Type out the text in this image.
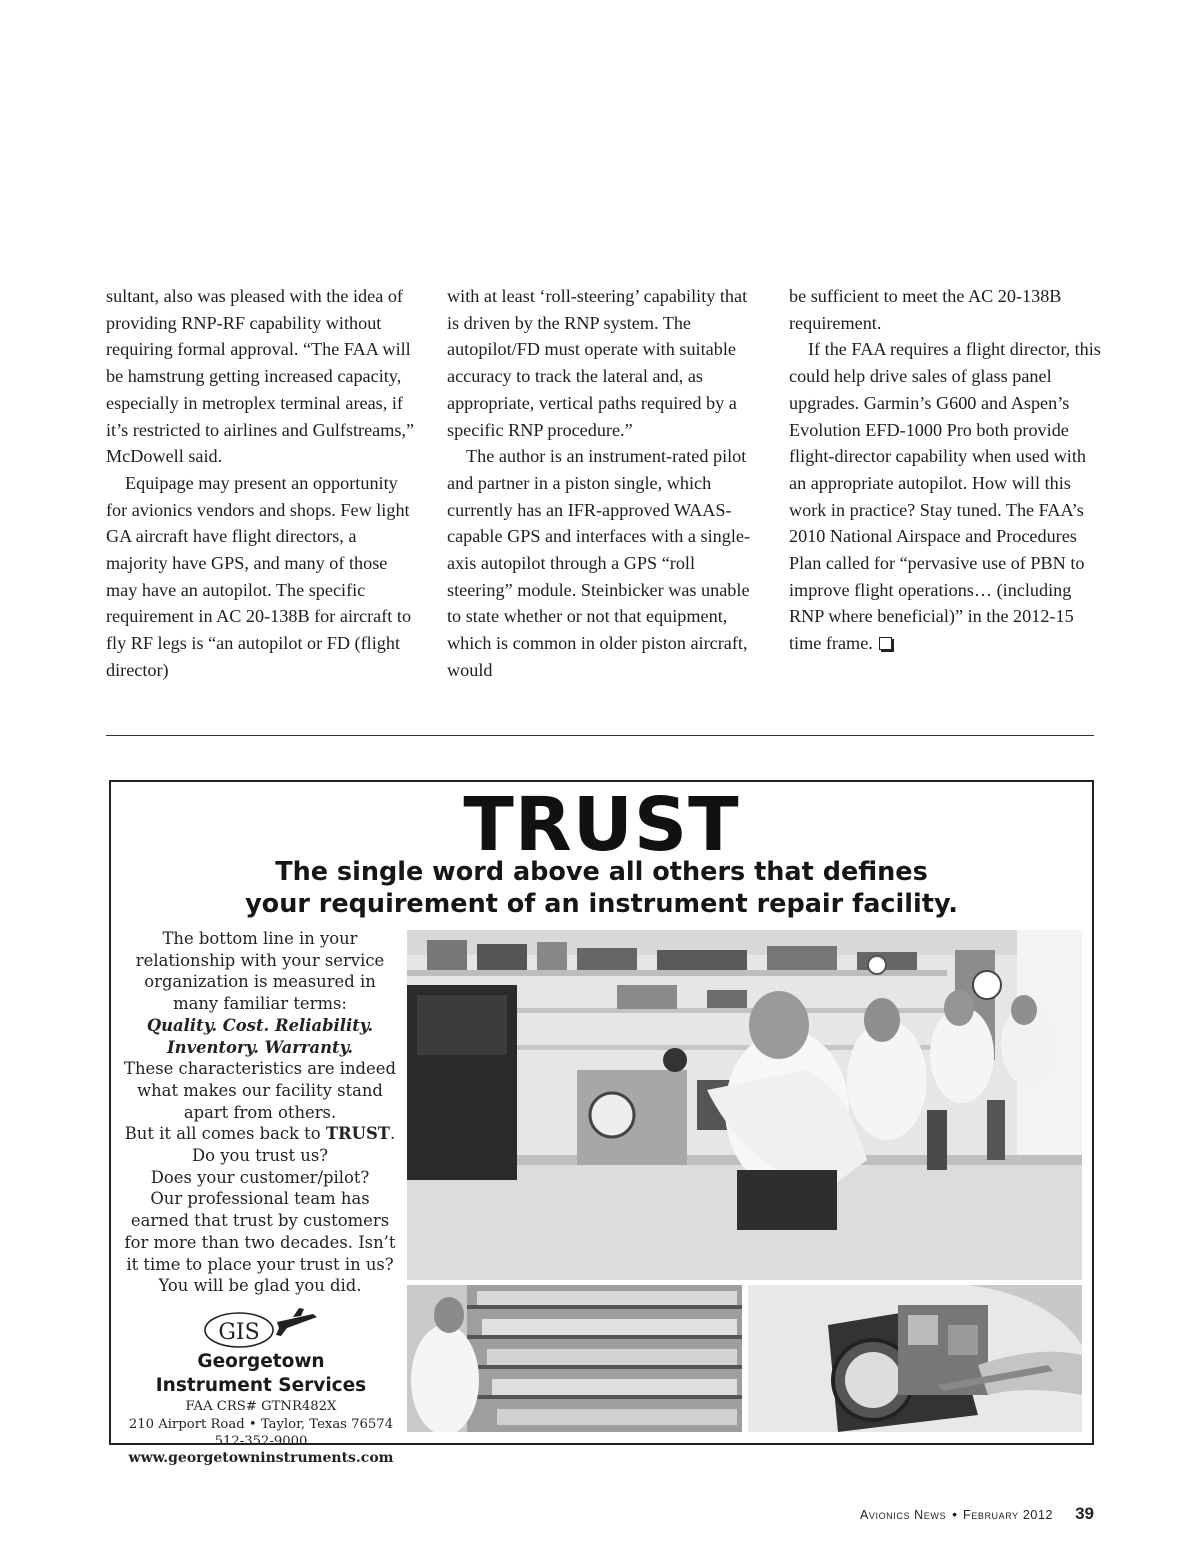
sultant, also was pleased with the idea of providing RNP-RF capability without requiring formal approval. “The FAA will be hamstrung getting increased capacity, especially in metroplex terminal areas, if it’s restricted to airlines and Gulfstreams,” McDowell said.

Equipage may present an opportunity for avionics vendors and shops. Few light GA aircraft have flight directors, a majority have GPS, and many of those may have an autopilot. The specific requirement in AC 20-138B for aircraft to fly RF legs is “an autopilot or FD (flight director)

with at least ‘roll-steering’ capability that is driven by the RNP system. The autopilot/FD must operate with suitable accuracy to track the lateral and, as appropriate, vertical paths required by a specific RNP procedure.”

The author is an instrument-rated pilot and partner in a piston single, which currently has an IFR-approved WAAS-capable GPS and interfaces with a single-axis autopilot through a GPS “roll steering” module. Steinbicker was unable to state whether or not that equipment, which is common in older piston aircraft, would

be sufficient to meet the AC 20-138B requirement.

If the FAA requires a flight director, this could help drive sales of glass panel upgrades. Garmin’s G600 and Aspen’s Evolution EFD-1000 Pro both provide flight-director capability when used with an appropriate autopilot. How will this work in practice? Stay tuned. The FAA’s 2010 National Airspace and Procedures Plan called for “pervasive use of PBN to improve flight operations… (including RNP where beneficial)” in the 2012-15 time frame.

TRUST
The single word above all others that defines
your requirement of an instrument repair facility.
The bottom line in your
relationship with your service
organization is measured in
many familiar terms:
Quality. Cost. Reliability.
Inventory. Warranty.
These characteristics are indeed
what makes our facility stand
apart from others.
But it all comes back to TRUST.
Do you trust us?
Does your customer/pilot?
Our professional team has
earned that trust by customers
for more than two decades. Isn’t
it time to place your trust in us?
You will be glad you did.
GIS
Georgetown
Instrument Services
FAA CRS# GTNR482X
210 Airport Road • Taylor, Texas 76574
512-352-9000
www.georgetowninstruments.com
Avionics News • February 2012 39
